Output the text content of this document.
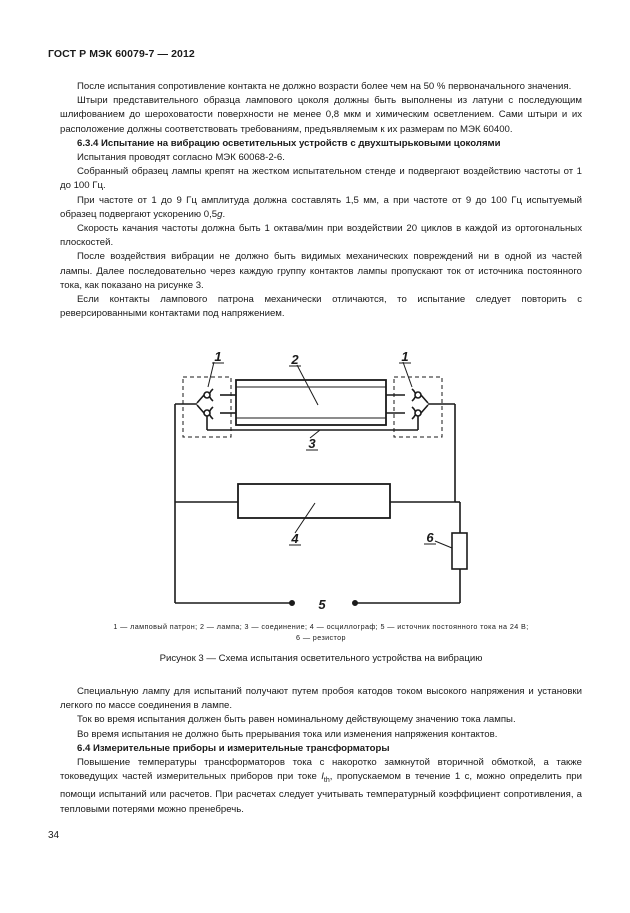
ГОСТ Р МЭК 60079-7 — 2012

После испытания сопротивление контакта не должно возрасти более чем на 50 % первоначального значения.

Штыри представительного образца лампового цоколя должны быть выполнены из латуни с последующим шлифованием до шероховатости поверхности не менее 0,8 мкм и химическим осветлением. Сами штыри и их расположение должны соответствовать требованиям, предъявляемым к их размерам по МЭК 60400.

6.3.4 Испытание на вибрацию осветительных устройств с двухштырьковыми цоколями

Испытания проводят согласно МЭК 60068-2-6.

Собранный образец лампы крепят на жестком испытательном стенде и подвергают воздействию частоты от 1 до 100 Гц.

При частоте от 1 до 9 Гц амплитуда должна составлять 1,5 мм, а при частоте от 9 до 100 Гц испытуемый образец подвергают ускорению 0,5g.

Скорость качания частоты должна быть 1 октава/мин при воздействии 20 циклов в каждой из ортогональных плоскостей.

После воздействия вибрации не должно быть видимых механических повреждений ни в одной из частей лампы. Далее последовательно через каждую группу контактов лампы пропускают ток от источника постоянного тока, как показано на рисунке 3.

Если контакты лампового патрона механически отличаются, то испытание следует повторить с реверсированными контактами под напряжением.

1	1
2
3
4	6
5
1 — ламповый патрон; 2 — лампа; 3 — соединение; 4 — осциллограф; 5 — источник постоянного тока на 24 В;
6 — резистор
Рисунок 3 — Схема испытания осветительного устройства на вибрацию

Специальную лампу для испытаний получают путем пробоя катодов током высокого напряжения и установки легкого по массе соединения в лампе.

Ток во время испытания должен быть равен номинальному действующему значению тока лампы.

Во время испытания не должно быть прерывания тока или изменения напряжения контактов.

6.4 Измерительные приборы и измерительные трансформаторы

Повышение температуры трансформаторов тока с накоротко замкнутой вторичной обмоткой, а также токоведущих частей измерительных приборов при токе $I_{th}$, пропускаемом в течение 1 с, можно определить при помощи испытаний или расчетов. При расчетах следует учитывать температурный коэффициент сопротивления, а тепловыми потерями можно пренебречь.

34
